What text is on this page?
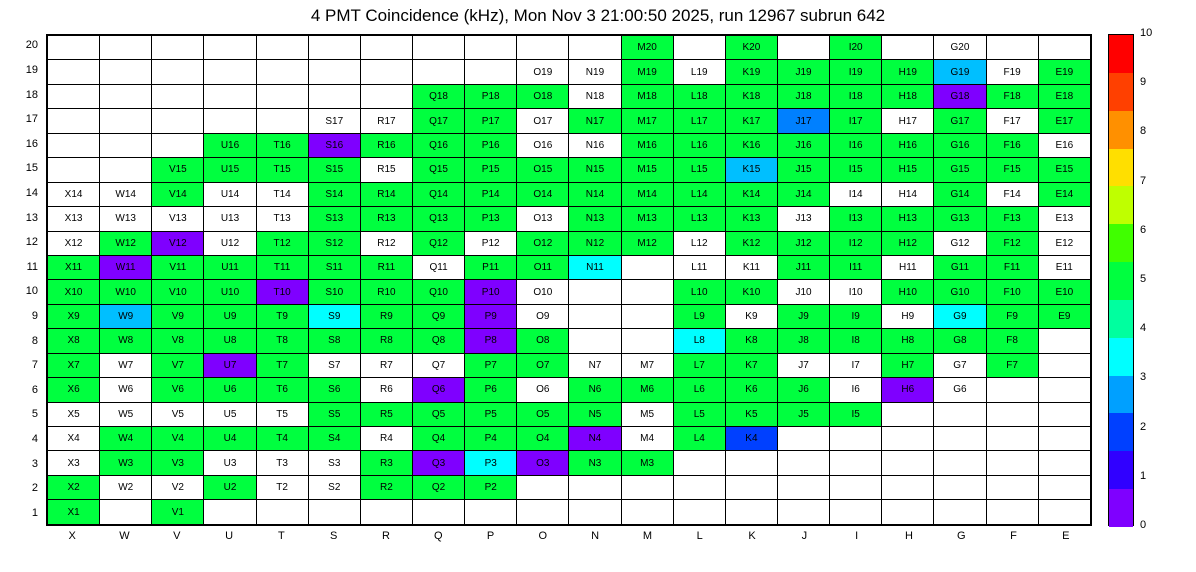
4 PMT Coincidence (kHz), Mon Nov 3 21:00:50 2025, run 12967 subrun 642
1
2
3
4
5
6
7
8
9
10
11
12
13
14
15
16
17
18
19
20
												M20		K20		I20		G20		
									O19	N19	M19	L19	K19	J19	I19	H19	G19	F19	E19
							Q18	P18	O18	N18	M18	L18	K18	J18	I18	H18	G18	F18	E18
					S17	R17	Q17	P17	O17	N17	M17	L17	K17	J17	I17	H17	G17	F17	E17
			U16	T16	S16	R16	Q16	P16	O16	N16	M16	L16	K16	J16	I16	H16	G16	F16	E16
		V15	U15	T15	S15	R15	Q15	P15	O15	N15	M15	L15	K15	J15	I15	H15	G15	F15	E15
X14	W14	V14	U14	T14	S14	R14	Q14	P14	O14	N14	M14	L14	K14	J14	I14	H14	G14	F14	E14
X13	W13	V13	U13	T13	S13	R13	Q13	P13	O13	N13	M13	L13	K13	J13	I13	H13	G13	F13	E13
X12	W12	V12	U12	T12	S12	R12	Q12	P12	O12	N12	M12	L12	K12	J12	I12	H12	G12	F12	E12
X11	W11	V11	U11	T11	S11	R11	Q11	P11	O11	N11		L11	K11	J11	I11	H11	G11	F11	E11
X10	W10	V10	U10	T10	S10	R10	Q10	P10	O10			L10	K10	J10	I10	H10	G10	F10	E10
X9	W9	V9	U9	T9	S9	R9	Q9	P9	O9			L9	K9	J9	I9	H9	G9	F9	E9
X8	W8	V8	U8	T8	S8	R8	Q8	P8	O8			L8	K8	J8	I8	H8	G8	F8	
X7	W7	V7	U7	T7	S7	R7	Q7	P7	O7	N7	M7	L7	K7	J7	I7	H7	G7	F7	
X6	W6	V6	U6	T6	S6	R6	Q6	P6	O6	N6	M6	L6	K6	J6	I6	H6	G6		
X5	W5	V5	U5	T5	S5	R5	Q5	P5	O5	N5	M5	L5	K5	J5	I5				
X4	W4	V4	U4	T4	S4	R4	Q4	P4	O4	N4	M4	L4	K4						
X3	W3	V3	U3	T3	S3	R3	Q3	P3	O3	N3	M3								
X2	W2	V2	U2	T2	S2	R2	Q2	P2											
X1		V1																	
X	W	V	U	T	S	R	Q	P	O	N	M	L	K	J	I	H	G	F	E
0
1
2
3
4
5
6
7
8
9
10
